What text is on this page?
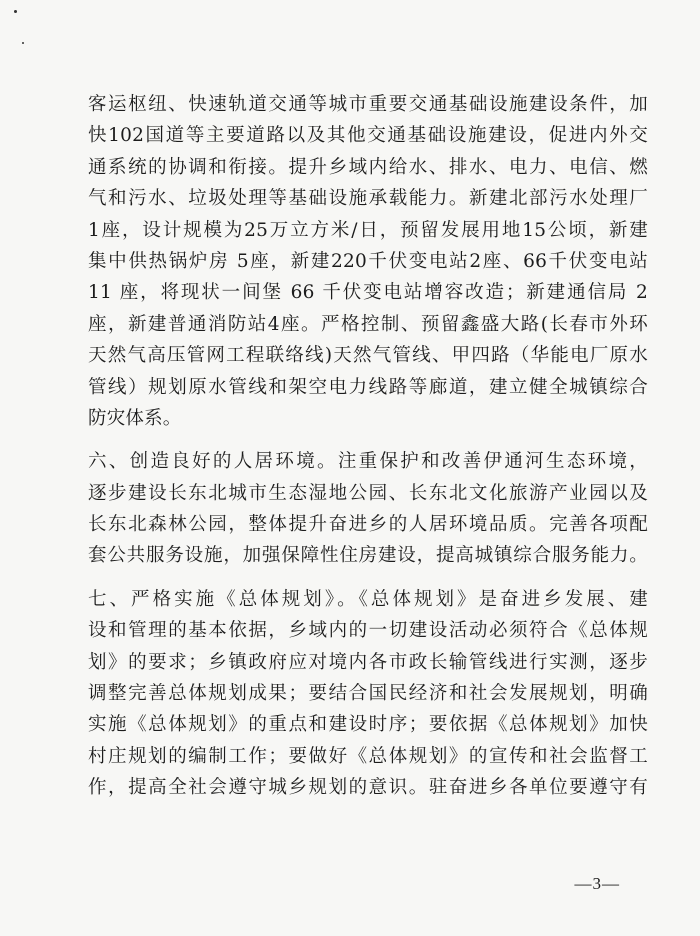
客运枢纽、快速轨道交通等城市重要交通基础设施建设条件，加
快102国道等主要道路以及其他交通基础设施建设，促进内外交
通系统的协调和衔接。提升乡域内给水、排水、电力、电信、燃
气和污水、垃圾处理等基础设施承载能力。新建北部污水处理厂
1座，设计规模为25万立方米/日，预留发展用地15公顷，新建
集中供热锅炉房 5座，新建220千伏变电站2座、66千伏变电站
11 座，将现状一间堡 66 千伏变电站增容改造；新建通信局 2
座，新建普通消防站4座。严格控制、预留鑫盛大路(长春市外环
天然气高压管网工程联络线)天然气管线、甲四路（华能电厂原水
管线）规划原水管线和架空电力线路等廊道，建立健全城镇综合
防灾体系。
六、创造良好的人居环境。注重保护和改善伊通河生态环境，
逐步建设长东北城市生态湿地公园、长东北文化旅游产业园以及
长东北森林公园，整体提升奋进乡的人居环境品质。完善各项配
套公共服务设施，加强保障性住房建设，提高城镇综合服务能力。
七、严格实施《总体规划》。《总体规划》是奋进乡发展、建
设和管理的基本依据，乡域内的一切建设活动必须符合《总体规
划》的要求；乡镇政府应对境内各市政长输管线进行实测，逐步
调整完善总体规划成果；要结合国民经济和社会发展规划，明确
实施《总体规划》的重点和建设时序；要依据《总体规划》加快
村庄规划的编制工作；要做好《总体规划》的宣传和社会监督工
作，提高全社会遵守城乡规划的意识。驻奋进乡各单位要遵守有
—3—
